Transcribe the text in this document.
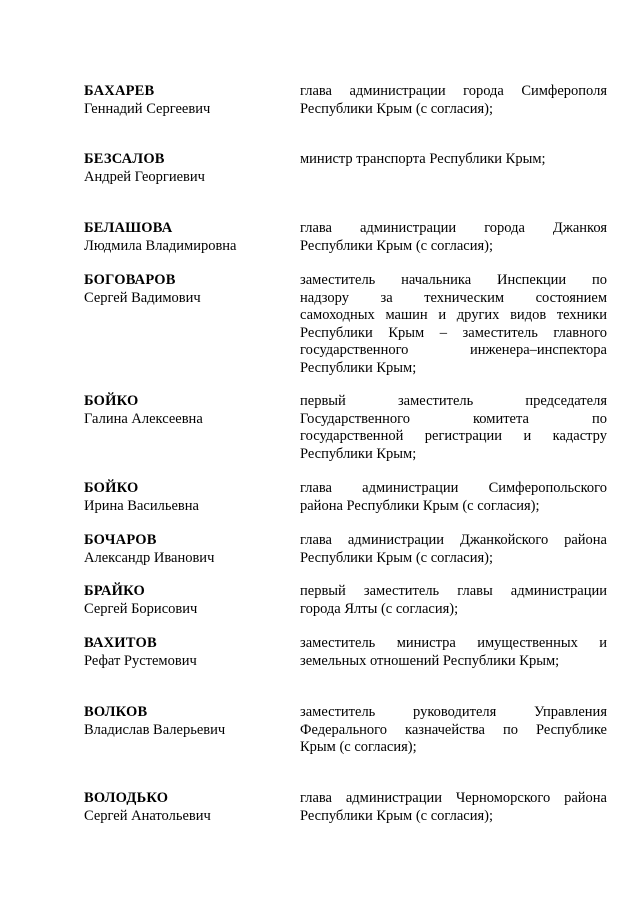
БАХАРЕВ
Геннадий Сергеевич
глава администрации города Симферополя
Республики Крым (с согласия);
БЕЗСАЛОВ
Андрей Георгиевич
министр транспорта Республики Крым;
БЕЛАШОВА
Людмила Владимировна
глава администрации города Джанкоя
Республики Крым (с согласия);
БОГОВАРОВ
Сергей Вадимович
заместитель начальника Инспекции по
надзору за техническим состоянием
самоходных машин и других видов техники
Республики Крым – заместитель главного
государственного инженера–инспектора
Республики Крым;
БОЙКО
Галина Алексеевна
первый заместитель председателя
Государственного комитета по
государственной регистрации и кадастру
Республики Крым;
БОЙКО
Ирина Васильевна
глава администрации Симферопольского
района Республики Крым (с согласия);
БОЧАРОВ
Александр Иванович
глава администрации Джанкойского района
Республики Крым (с согласия);
БРАЙКО
Сергей Борисович
первый заместитель главы администрации
города Ялты (с согласия);
ВАХИТОВ
Рефат Рустемович
заместитель министра имущественных и
земельных отношений Республики Крым;
ВОЛКОВ
Владислав Валерьевич
заместитель руководителя Управления
Федерального казначейства по Республике
Крым (с согласия);
ВОЛОДЬКО
Сергей Анатольевич
глава администрации Черноморского района
Республики Крым (с согласия);
